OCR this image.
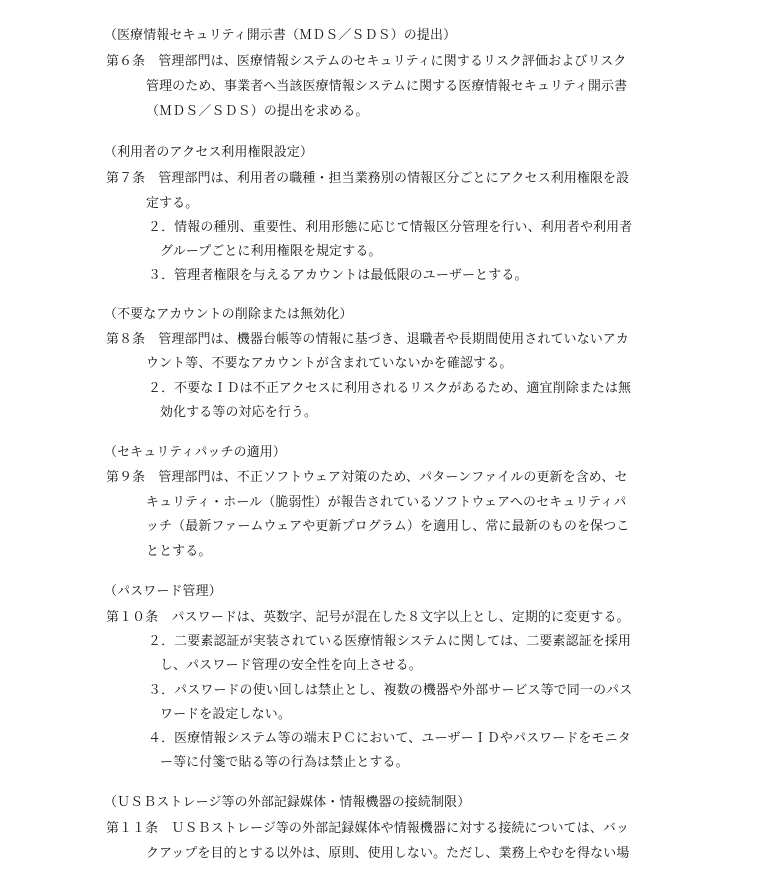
（医療情報セキュリティ開示書（ＭＤＳ／ＳＤＳ）の提出）
第６条　管理部門は、医療情報システムのセキュリティに関するリスク評価およびリスク
管理のため、事業者へ当該医療情報システムに関する医療情報セキュリティ開示書
（ＭＤＳ／ＳＤＳ）の提出を求める。
（利用者のアクセス利用権限設定）
第７条　管理部門は、利用者の職種・担当業務別の情報区分ごとにアクセス利用権限を設
定する。
２．情報の種別、重要性、利用形態に応じて情報区分管理を行い、利用者や利用者
グループごとに利用権限を規定する。
３．管理者権限を与えるアカウントは最低限のユーザーとする。
（不要なアカウントの削除または無効化）
第８条　管理部門は、機器台帳等の情報に基づき、退職者や長期間使用されていないアカ
ウント等、不要なアカウントが含まれていないかを確認する。
２．不要なＩＤは不正アクセスに利用されるリスクがあるため、適宜削除または無
効化する等の対応を行う。
（セキュリティパッチの適用）
第９条　管理部門は、不正ソフトウェア対策のため、パターンファイルの更新を含め、セ
キュリティ・ホール（脆弱性）が報告されているソフトウェアへのセキュリティパ
ッチ（最新ファームウェアや更新プログラム）を適用し、常に最新のものを保つこ
ととする。
（パスワード管理）
第１０条　パスワードは、英数字、記号が混在した８文字以上とし、定期的に変更する。
２．二要素認証が実装されている医療情報システムに関しては、二要素認証を採用
し、パスワード管理の安全性を向上させる。
３．パスワードの使い回しは禁止とし、複数の機器や外部サービス等で同一のパス
ワードを設定しない。
４．医療情報システム等の端末ＰＣにおいて、ユーザーＩＤやパスワードをモニタ
ー等に付箋で貼る等の行為は禁止とする。
（ＵＳＢストレージ等の外部記録媒体・情報機器の接続制限）
第１１条　ＵＳＢストレージ等の外部記録媒体や情報機器に対する接続については、バッ
クアップを目的とする以外は、原則、使用しない。ただし、業務上やむを得ない場
